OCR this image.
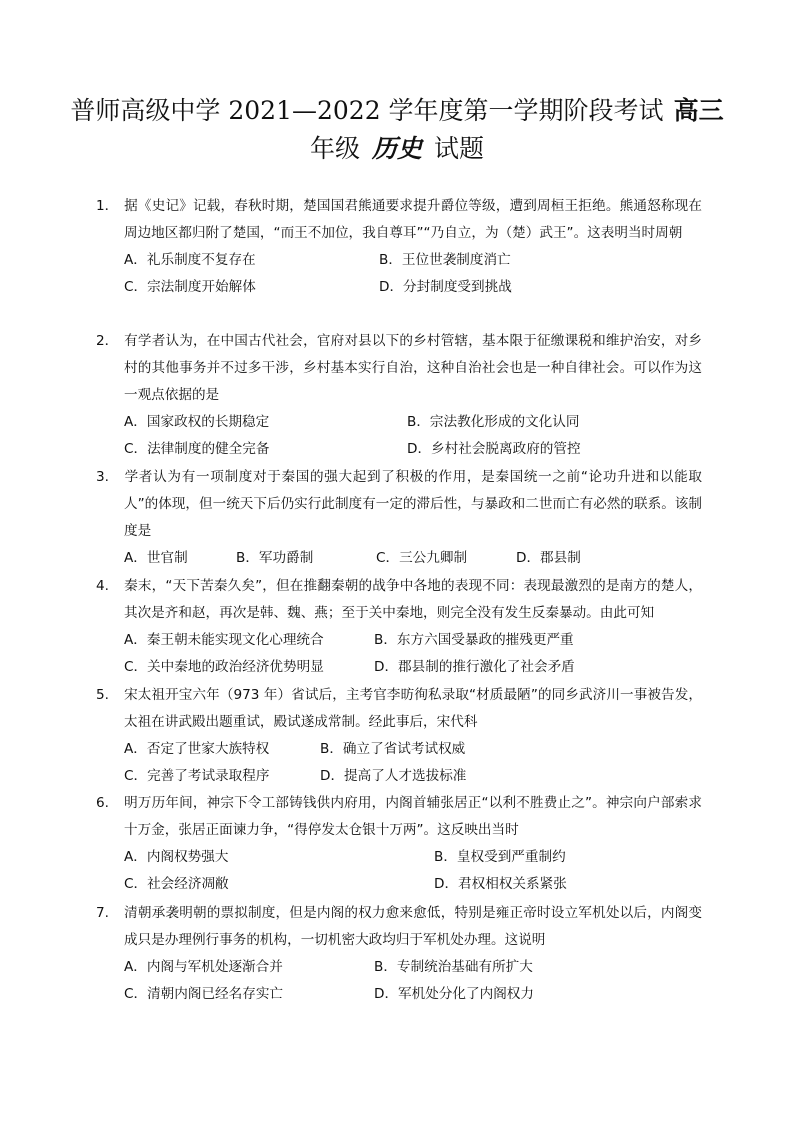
普师高级中学 2021—2022 学年度第一学期阶段考试 高三
年级 历史 试题
1． 据《史记》记载，春秋时期，楚国国君熊通要求提升爵位等级，遭到周桓王拒绝。熊通怒称现在周边地区都归附了楚国，“而王不加位，我自尊耳”“乃自立，为（楚）武王”。这表明当时周朝
A．礼乐制度不复存在	B．王位世袭制度消亡
C．宗法制度开始解体	D．分封制度受到挑战
2． 有学者认为，在中国古代社会，官府对县以下的乡村管辖，基本限于征缴课税和维护治安，对乡村的其他事务并不过多干涉，乡村基本实行自治，这种自治社会也是一种自律社会。可以作为这一观点依据的是
A．国家政权的长期稳定	B．宗法教化形成的文化认同
C．法律制度的健全完备	D．乡村社会脱离政府的管控
3. 学者认为有一项制度对于秦国的强大起到了积极的作用，是秦国统一之前“论功升进和以能取人”的体现，但一统天下后仍实行此制度有一定的滞后性，与暴政和二世而亡有必然的联系。该制度是
A．世官制	B．军功爵制	C．三公九卿制	D．郡县制
4. 秦末，“天下苦秦久矣”，但在推翻秦朝的战争中各地的表现不同：表现最激烈的是南方的楚人，其次是齐和赵，再次是韩、魏、燕；至于关中秦地，则完全没有发生反秦暴动。由此可知
A．秦王朝未能实现文化心理统合	B．东方六国受暴政的摧残更严重
C．关中秦地的政治经济优势明显	D．郡县制的推行激化了社会矛盾
5. 宋太祖开宝六年（973 年）省试后，主考官李昉徇私录取“材质最陋”的同乡武济川一事被告发，太祖在讲武殿出题重试，殿试遂成常制。经此事后，宋代科
A．否定了世家大族特权	B．确立了省试考试权威
C．完善了考试录取程序	D．提高了人才选拔标准
6. 明万历年间，神宗下令工部铸钱供内府用，内阁首辅张居正“以利不胜费止之”。神宗向户部索求十万金，张居正面谏力争，“得停发太仓银十万两”。这反映出当时
A．内阁权势强大	B．皇权受到严重制约
C．社会经济凋敝	D．君权相权关系紧张
7. 清朝承袭明朝的票拟制度，但是内阁的权力愈来愈低，特别是雍正帝时设立军机处以后，内阁变成只是办理例行事务的机构，一切机密大政均归于军机处办理。这说明
A．内阁与军机处逐渐合并	B．专制统治基础有所扩大
C．清朝内阁已经名存实亡	D．军机处分化了内阁权力
